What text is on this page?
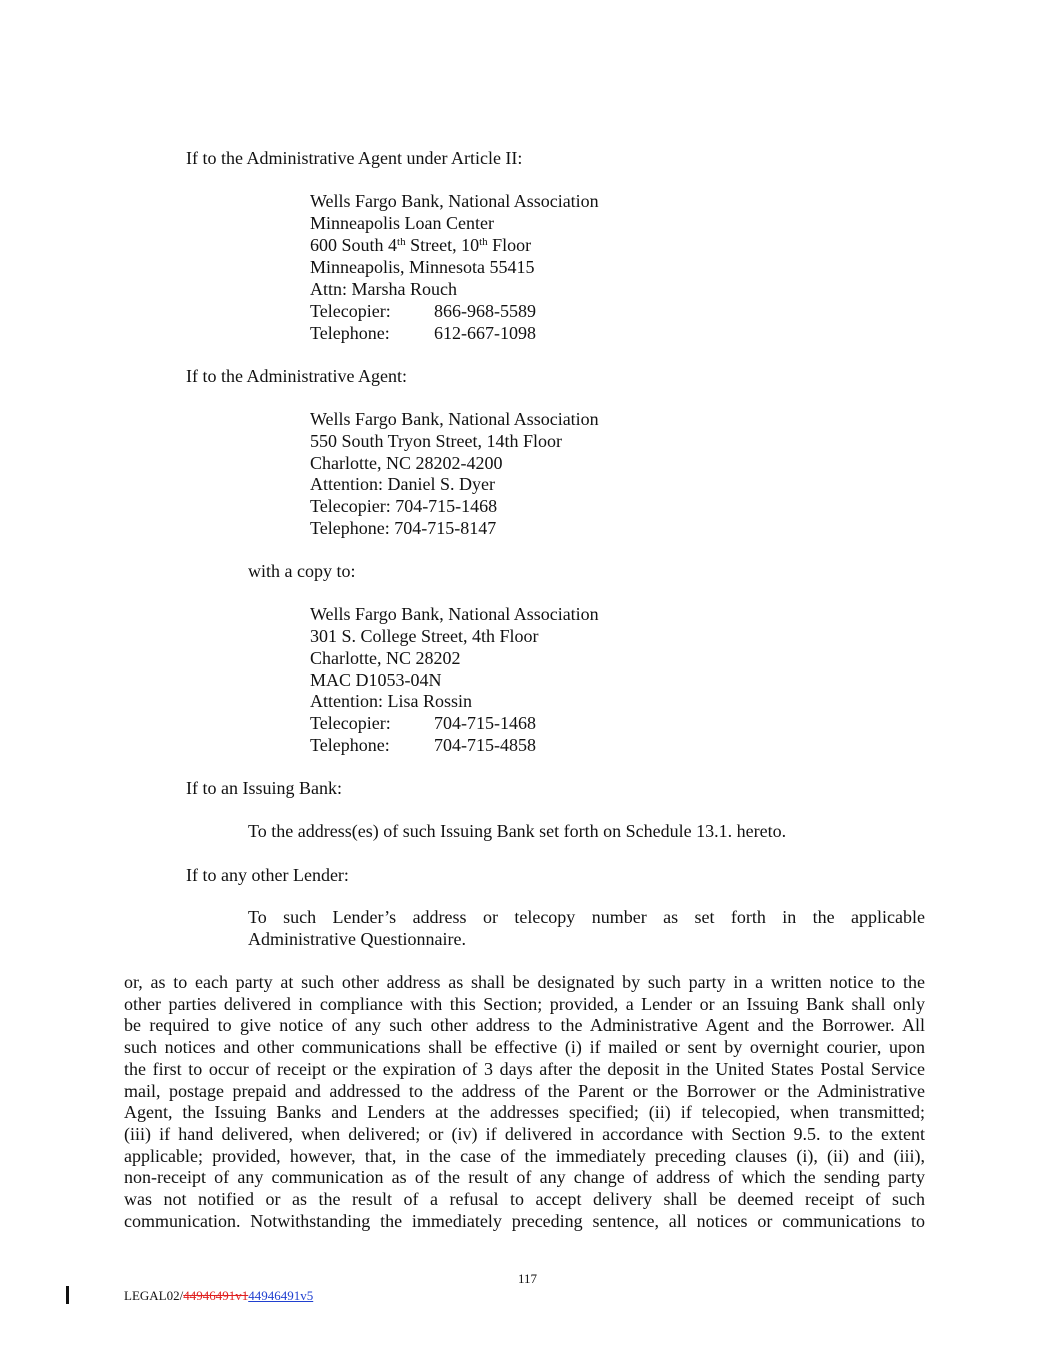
If to the Administrative Agent under Article II:
Wells Fargo Bank, National Association
Minneapolis Loan Center
600 South 4th Street, 10th Floor
Minneapolis, Minnesota 55415
Attn: Marsha Rouch
Telecopier: 866-968-5589
Telephone: 612-667-1098
If to the Administrative Agent:
Wells Fargo Bank, National Association
550 South Tryon Street, 14th Floor
Charlotte, NC 28202-4200
Attention: Daniel S. Dyer
Telecopier: 704-715-1468
Telephone: 704-715-8147
with a copy to:
Wells Fargo Bank, National Association
301 S. College Street, 4th Floor
Charlotte, NC 28202
MAC D1053-04N
Attention: Lisa Rossin
Telecopier: 704-715-1468
Telephone: 704-715-4858
If to an Issuing Bank:
To the address(es) of such Issuing Bank set forth on Schedule 13.1. hereto.
If to any other Lender:
To such Lender’s address or telecopy number as set forth in the applicable
Administrative Questionnaire.
or, as to each party at such other address as shall be designated by such party in a written notice to the
other parties delivered in compliance with this Section; provided, a Lender or an Issuing Bank shall only
be required to give notice of any such other address to the Administrative Agent and the Borrower. All
such notices and other communications shall be effective (i) if mailed or sent by overnight courier, upon
the first to occur of receipt or the expiration of 3 days after the deposit in the United States Postal Service
mail, postage prepaid and addressed to the address of the Parent or the Borrower or the Administrative
Agent, the Issuing Banks and Lenders at the addresses specified; (ii) if telecopied, when transmitted;
(iii) if hand delivered, when delivered; or (iv) if delivered in accordance with Section 9.5. to the extent
applicable; provided, however, that, in the case of the immediately preceding clauses (i), (ii) and (iii),
non-receipt of any communication as of the result of any change of address of which the sending party
was not notified or as the result of a refusal to accept delivery shall be deemed receipt of such
communication. Notwithstanding the immediately preceding sentence, all notices or communications to
117
LEGAL02/44946491v144946491v5
